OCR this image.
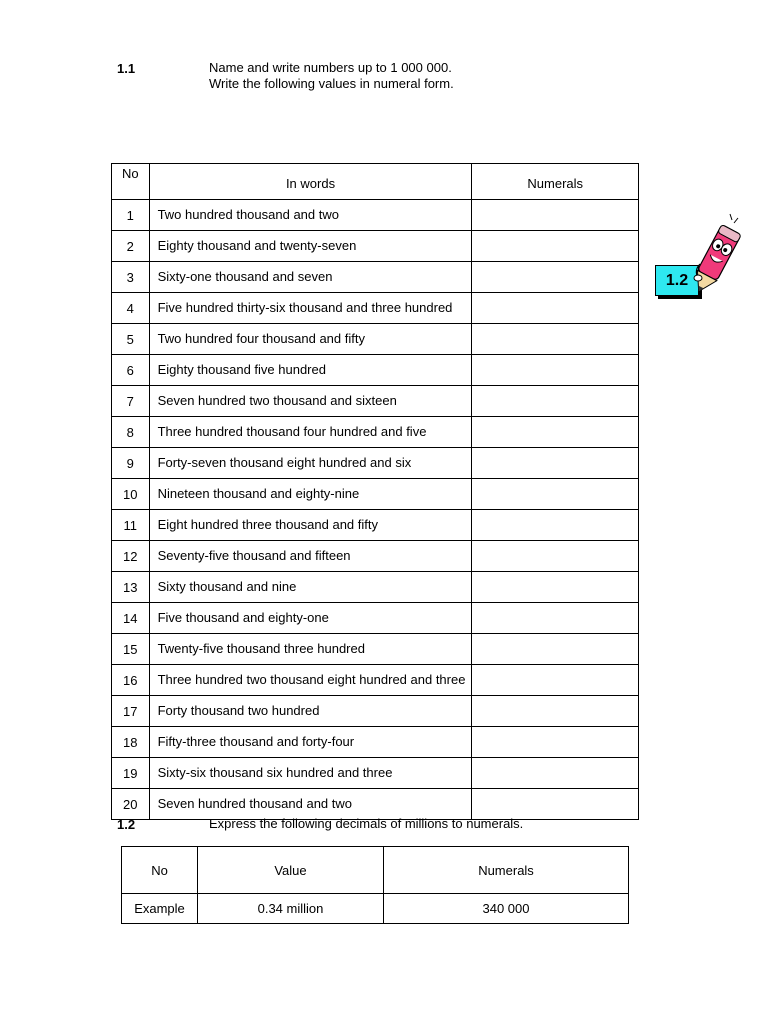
1.1	Name and write numbers up to 1 000 000.
Write the following values in numeral form.
No	In words	Numerals
1	Two hundred thousand and two	
2	Eighty thousand and twenty-seven	
3	Sixty-one thousand and seven	
4	Five hundred thirty-six thousand and three hundred	
5	Two hundred four thousand and fifty	
6	Eighty thousand five hundred	
7	Seven hundred two thousand and sixteen	
8	Three hundred thousand four hundred and five	
9	Forty-seven thousand eight hundred and six	
10	Nineteen thousand and eighty-nine	
11	Eight hundred three thousand and fifty	
12	Seventy-five thousand and fifteen	
13	Sixty thousand and nine	
14	Five thousand and eighty-one	
15	Twenty-five thousand three hundred	
16	Three hundred two thousand eight hundred and three	
17	Forty thousand two hundred	
18	Fifty-three thousand and forty-four	
19	Sixty-six thousand six hundred and three	
20	Seven hundred thousand and two	
1.2
1.2	Express the following decimals of millions to numerals.
No	Value	Numerals
Example	0.34 million	340 000
